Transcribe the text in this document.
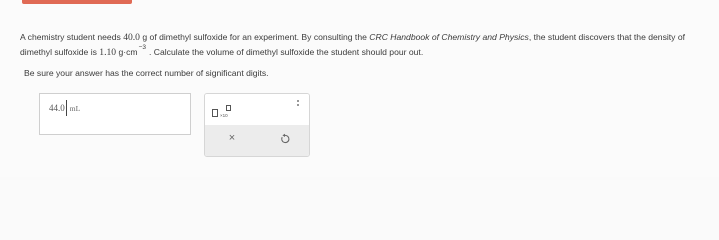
A chemistry student needs 40.0 g of dimethyl sulfoxide for an experiment. By consulting the CRC Handbook of Chemistry and Physics, the student discovers that the density of dimethyl sulfoxide is 1.10 $g\cdot cm^{-3}$ . Calculate the volume of dimethyl sulfoxide the student should pour out.
Be sure your answer has the correct number of significant digits.
44.0 mL
×10
×
